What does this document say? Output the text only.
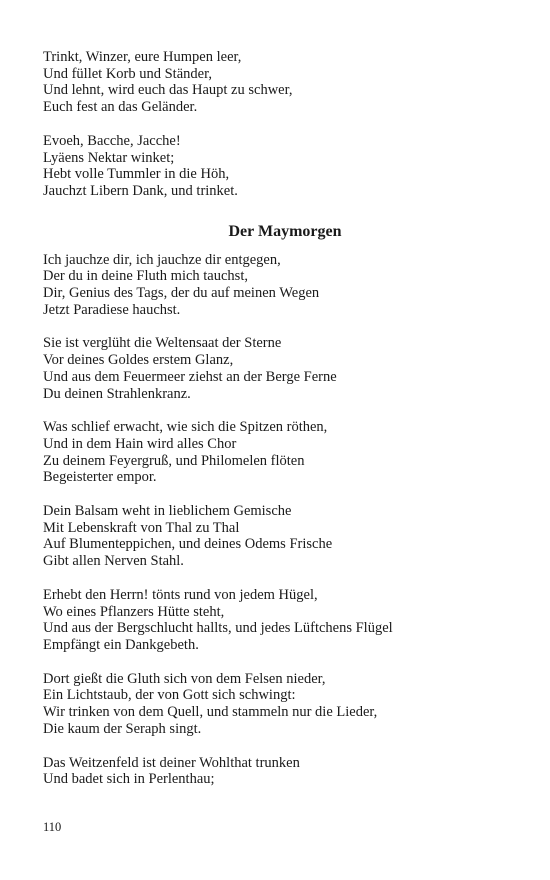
Trinkt, Winzer, eure Humpen leer,
Und füllet Korb und Ständer,
Und lehnt, wird euch das Haupt zu schwer,
Euch fest an das Geländer.
Evoeh, Bacche, Jacche!
Lyäens Nektar winket;
Hebt volle Tummler in die Höh,
Jauchzt Libern Dank, und trinket.
Der Maymorgen
Ich jauchze dir, ich jauchze dir entgegen,
Der du in deine Fluth mich tauchst,
Dir, Genius des Tags, der du auf meinen Wegen
Jetzt Paradiese hauchst.
Sie ist verglüht die Weltensaat der Sterne
Vor deines Goldes erstem Glanz,
Und aus dem Feuermeer ziehst an der Berge Ferne
Du deinen Strahlenkranz.
Was schlief erwacht, wie sich die Spitzen röthen,
Und in dem Hain wird alles Chor
Zu deinem Feyergruß, und Philomelen flöten
Begeisterter empor.
Dein Balsam weht in lieblichem Gemische
Mit Lebenskraft von Thal zu Thal
Auf Blumenteppichen, und deines Odems Frische
Gibt allen Nerven Stahl.
Erhebt den Herrn! tönts rund von jedem Hügel,
Wo eines Pflanzers Hütte steht,
Und aus der Bergschlucht hallts, und jedes Lüftchens Flügel
Empfängt ein Dankgebeth.
Dort gießt die Gluth sich von dem Felsen nieder,
Ein Lichtstaub, der von Gott sich schwingt:
Wir trinken von dem Quell, und stammeln nur die Lieder,
Die kaum der Seraph singt.
Das Weitzenfeld ist deiner Wohlthat trunken
Und badet sich in Perlenthau;
110
